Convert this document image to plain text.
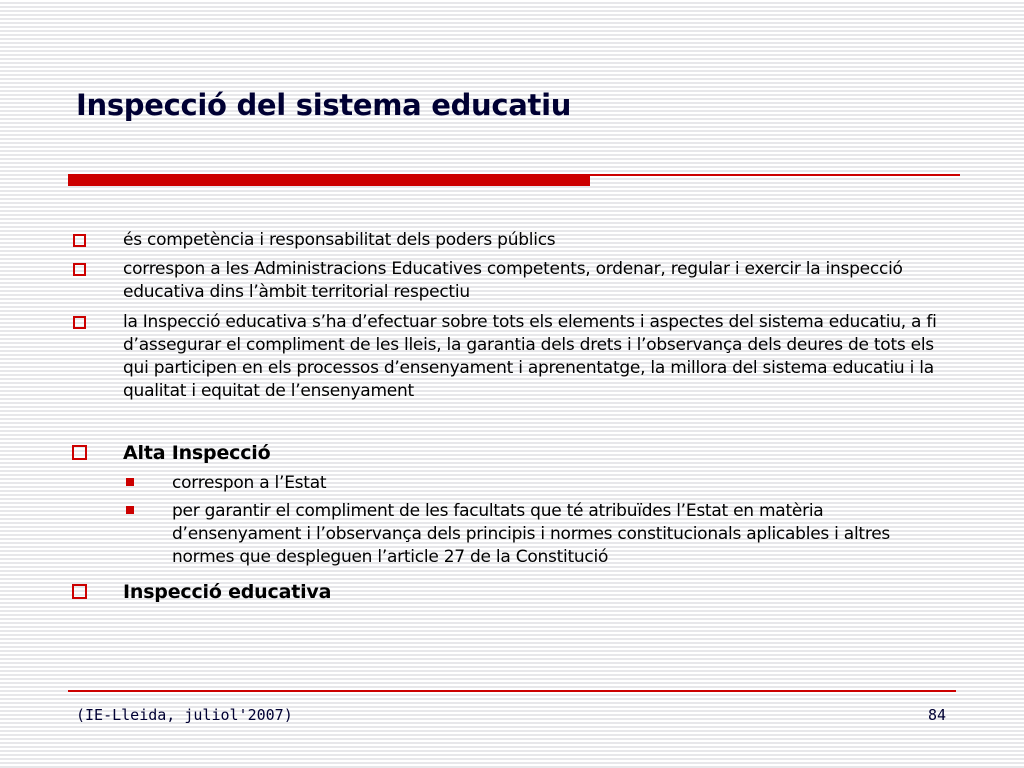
Inspecció del sistema educatiu
és competència i responsabilitat dels poders públics
correspon a les Administracions Educatives competents, ordenar, regular i exercir la inspecció educativa dins l’àmbit territorial respectiu
la Inspecció educativa s’ha d’efectuar sobre tots els elements i aspectes del sistema educatiu, a fi d’assegurar el compliment de les lleis, la garantia dels drets i l’observança dels deures de tots els qui participen en els processos d’ensenyament i aprenentatge, la millora del sistema educatiu i la qualitat i equitat de l’ensenyament
Alta Inspecció
correspon a l’Estat
per garantir el compliment de les facultats que té atribuïdes l’Estat en matèria d’ensenyament i l’observança dels principis i normes constitucionals aplicables i altres normes que despleguen l’article 27 de la Constitució
Inspecció educativa
(IE-Lleida, juliol'2007)	84
